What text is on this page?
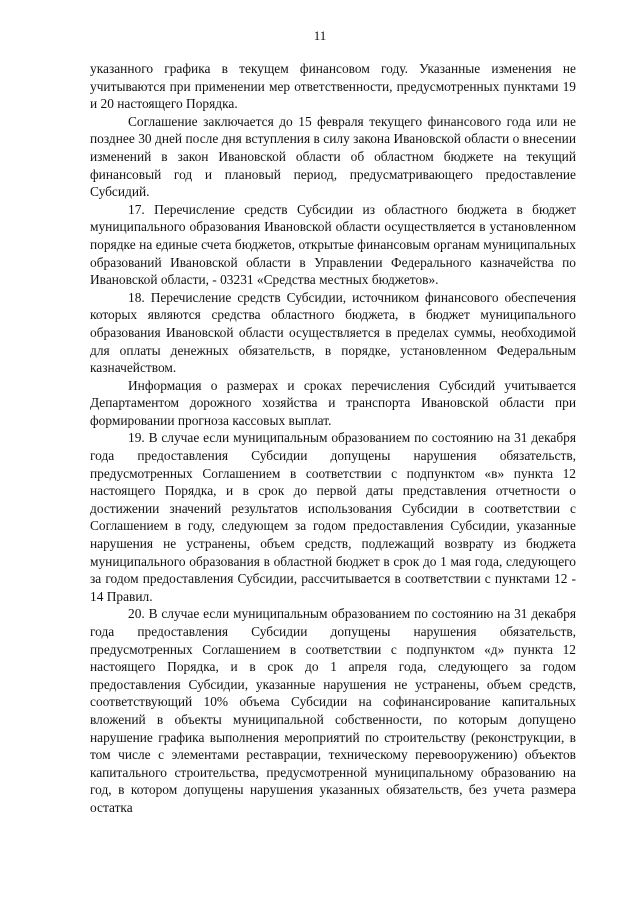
11

указанного графика в текущем финансовом году. Указанные изменения не учитываются при применении мер ответственности, предусмотренных пунктами 19 и 20 настоящего Порядка.

Соглашение заключается до 15 февраля текущего финансового года или не позднее 30 дней после дня вступления в силу закона Ивановской области о внесении изменений в закон Ивановской области об областном бюджете на текущий финансовый год и плановый период, предусматривающего предоставление Субсидий.

17. Перечисление средств Субсидии из областного бюджета в бюджет муниципального образования Ивановской области осуществляется в установленном порядке на единые счета бюджетов, открытые финансовым органам муниципальных образований Ивановской области в Управлении Федерального казначейства по Ивановской области, - 03231 «Средства местных бюджетов».

18. Перечисление средств Субсидии, источником финансового обеспечения которых являются средства областного бюджета, в бюджет муниципального образования Ивановской области осуществляется в пределах суммы, необходимой для оплаты денежных обязательств, в порядке, установленном Федеральным казначейством.

Информация о размерах и сроках перечисления Субсидий учитывается Департаментом дорожного хозяйства и транспорта Ивановской области при формировании прогноза кассовых выплат.

19. В случае если муниципальным образованием по состоянию на 31 декабря года предоставления Субсидии допущены нарушения обязательств, предусмотренных Соглашением в соответствии с подпунктом «в» пункта 12 настоящего Порядка, и в срок до первой даты представления отчетности о достижении значений результатов использования Субсидии в соответствии с Соглашением в году, следующем за годом предоставления Субсидии, указанные нарушения не устранены, объем средств, подлежащий возврату из бюджета муниципального образования в областной бюджет в срок до 1 мая года, следующего за годом предоставления Субсидии, рассчитывается в соответствии с пунктами 12 - 14 Правил.

20. В случае если муниципальным образованием по состоянию на 31 декабря года предоставления Субсидии допущены нарушения обязательств, предусмотренных Соглашением в соответствии с подпунктом «д» пункта 12 настоящего Порядка, и в срок до 1 апреля года, следующего за годом предоставления Субсидии, указанные нарушения не устранены, объем средств, соответствующий 10% объема Субсидии на софинансирование капитальных вложений в объекты муниципальной собственности, по которым допущено нарушение графика выполнения мероприятий по строительству (реконструкции, в том числе с элементами реставрации, техническому перевооружению) объектов капитального строительства, предусмотренной муниципальному образованию на год, в котором допущены нарушения указанных обязательств, без учета размера остатка
